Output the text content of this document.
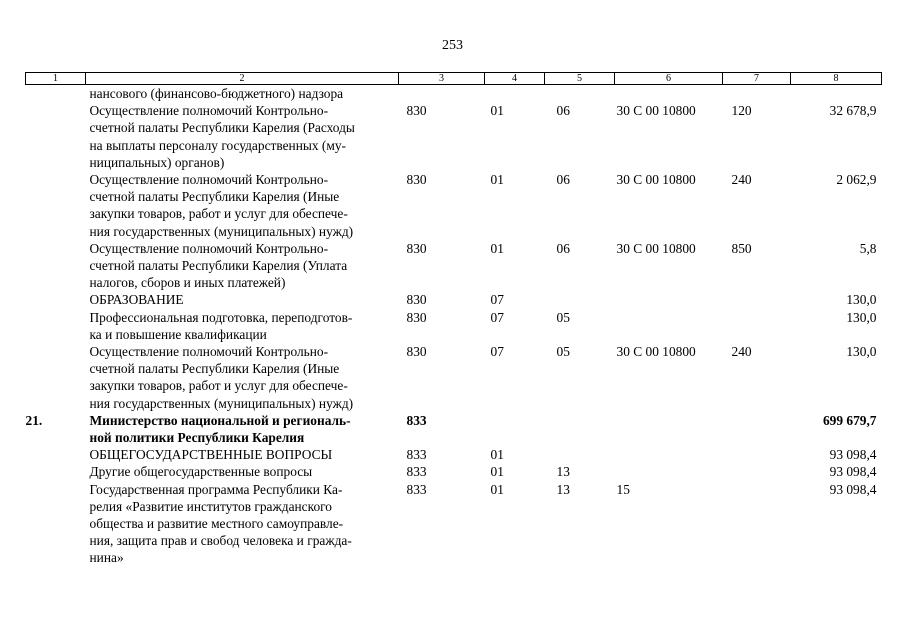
253
1	2	3	4	5	6	7	8
	нансового (финансово-бюджетного) надзора						
	Осуществление полномочий Контрольно-
счетной палаты Республики Карелия (Расходы
на выплаты персоналу государственных (му-
ниципальных) органов)	830	01	06	30 С 00 10800	120	32 678,9
	Осуществление полномочий Контрольно-
счетной палаты Республики Карелия (Иные
закупки товаров, работ и услуг для обеспече-
ния государственных (муниципальных) нужд)	830	01	06	30 С 00 10800	240	2 062,9
	Осуществление полномочий Контрольно-
счетной палаты Республики Карелия (Уплата
налогов, сборов и иных платежей)	830	01	06	30 С 00 10800	850	5,8
	ОБРАЗОВАНИЕ	830	07				130,0
	Профессиональная подготовка, переподготов-
ка и повышение квалификации	830	07	05			130,0
	Осуществление полномочий Контрольно-
счетной палаты Республики Карелия (Иные
закупки товаров, работ и услуг для обеспече-
ния государственных (муниципальных) нужд)	830	07	05	30 С 00 10800	240	130,0
21.	Министерство национальной и региональ-
ной политики Республики Карелия	833					699 679,7
	ОБЩЕГОСУДАРСТВЕННЫЕ ВОПРОСЫ	833	01				93 098,4
	Другие общегосударственные вопросы	833	01	13			93 098,4
	Государственная программа Республики Ка-
релия «Развитие институтов гражданского
общества и развитие местного самоуправле-
ния, защита прав и свобод человека и гражда-
нина»	833	01	13	15		93 098,4
